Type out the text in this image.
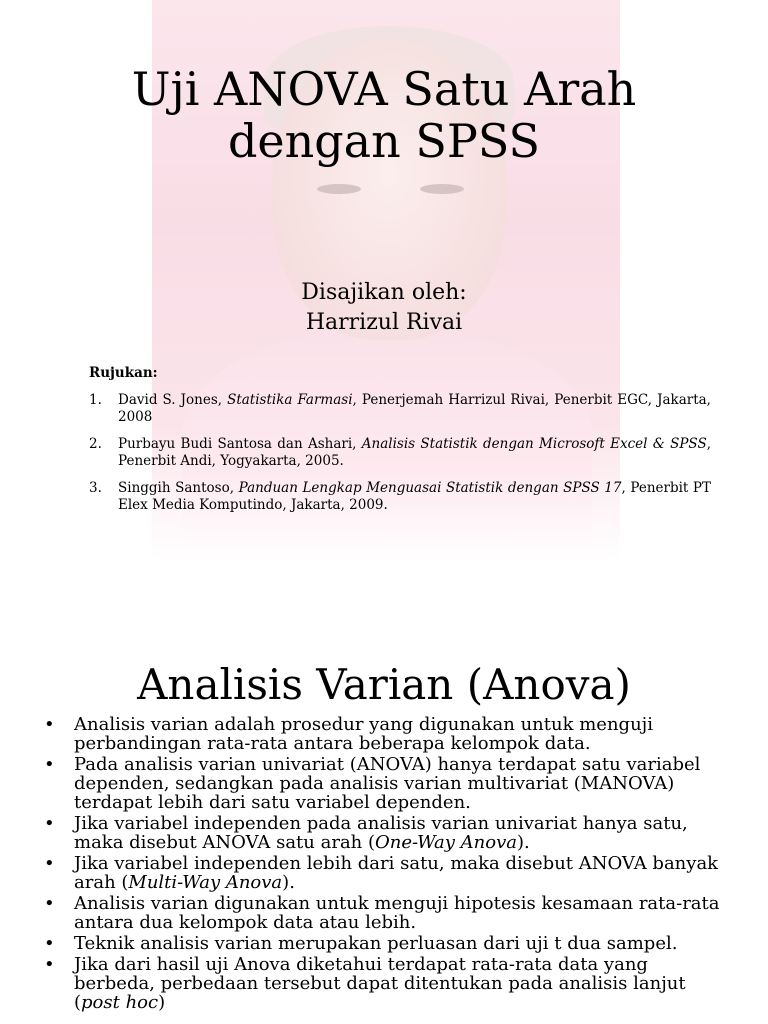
Uji ANOVA Satu Arah
dengan SPSS
Disajikan oleh:
Harrizul Rivai
Rujukan:
1. David S. Jones, Statistika Farmasi, Penerjemah Harrizul Rivai, Penerbit EGC, Jakarta, 2008
2. Purbayu Budi Santosa dan Ashari, Analisis Statistik dengan Microsoft Excel & SPSS, Penerbit Andi, Yogyakarta, 2005.
3. Singgih Santoso, Panduan Lengkap Menguasai Statistik dengan SPSS 17, Penerbit PT Elex Media Komputindo, Jakarta, 2009.
Analisis Varian (Anova)
• Analisis varian adalah prosedur yang digunakan untuk menguji perbandingan rata-rata antara beberapa kelompok data.
• Pada analisis varian univariat (ANOVA) hanya terdapat satu variabel dependen, sedangkan pada analisis varian multivariat (MANOVA) terdapat lebih dari satu variabel dependen.
• Jika variabel independen pada analisis varian univariat hanya satu, maka disebut ANOVA satu arah (One-Way Anova).
• Jika variabel independen lebih dari satu, maka disebut ANOVA banyak arah (Multi-Way Anova).
• Analisis varian digunakan untuk menguji hipotesis kesamaan rata-rata antara dua kelompok data atau lebih.
• Teknik analisis varian merupakan perluasan dari uji t dua sampel.
• Jika dari hasil uji Anova diketahui terdapat rata-rata data yang berbeda, perbedaan tersebut dapat ditentukan pada analisis lanjut (post hoc)
